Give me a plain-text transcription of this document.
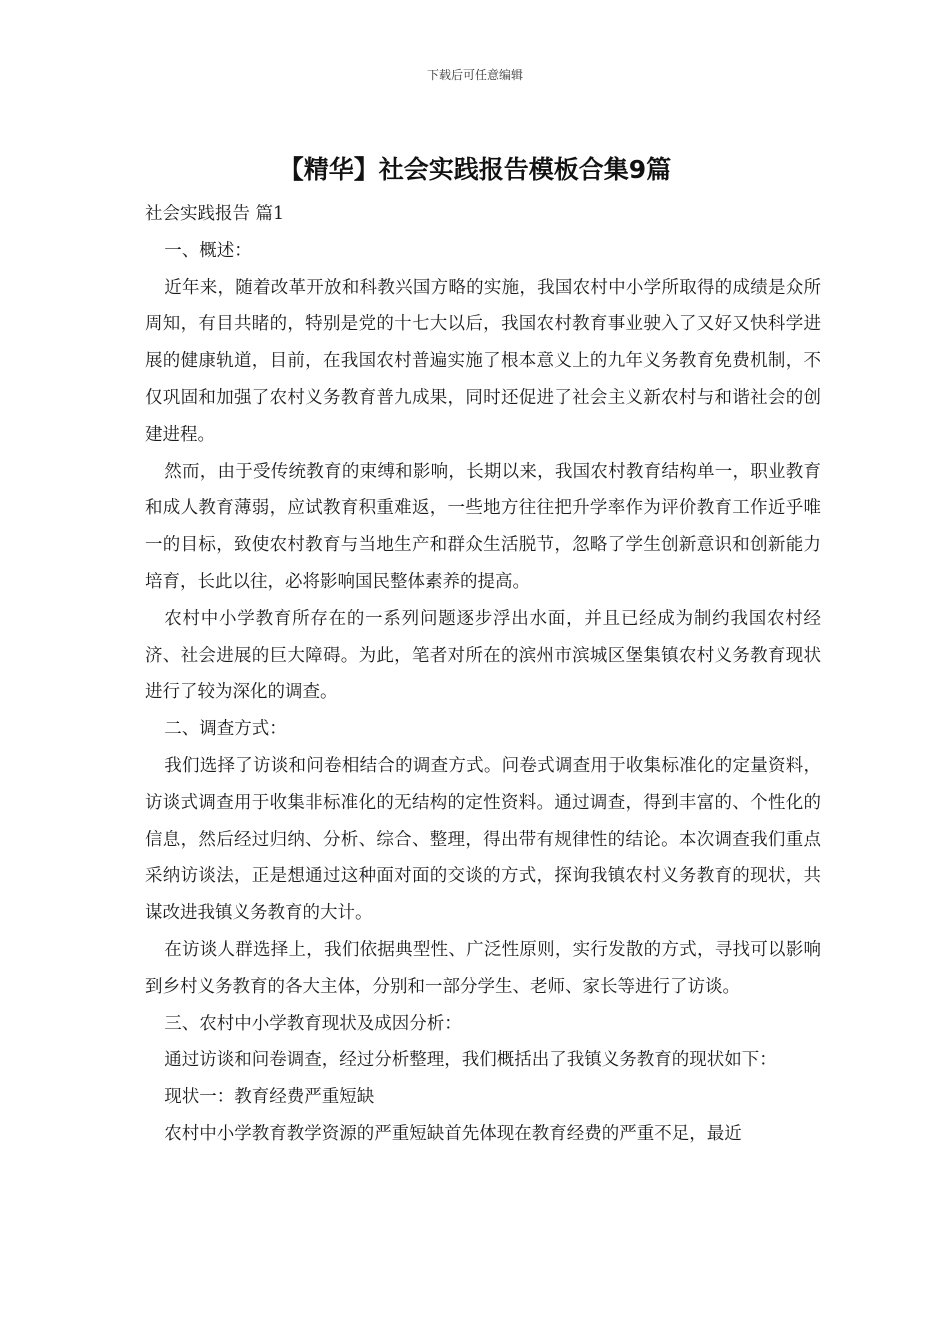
下载后可任意编辑
【精华】社会实践报告模板合集9篇

社会实践报告 篇1

一、概述：

近年来，随着改革开放和科教兴国方略的实施，我国农村中小学所取得的成绩是众所周知，有目共睹的，特别是党的十七大以后，我国农村教育事业驶入了又好又快科学进展的健康轨道，目前，在我国农村普遍实施了根本意义上的九年义务教育免费机制，不仅巩固和加强了农村义务教育普九成果，同时还促进了社会主义新农村与和谐社会的创建进程。

然而，由于受传统教育的束缚和影响，长期以来，我国农村教育结构单一，职业教育和成人教育薄弱，应试教育积重难返，一些地方往往把升学率作为评价教育工作近乎唯一的目标，致使农村教育与当地生产和群众生活脱节，忽略了学生创新意识和创新能力培育，长此以往，必将影响国民整体素养的提高。

农村中小学教育所存在的一系列问题逐步浮出水面，并且已经成为制约我国农村经济、社会进展的巨大障碍。为此，笔者对所在的滨州市滨城区堡集镇农村义务教育现状进行了较为深化的调查。

二、调查方式：

我们选择了访谈和问卷相结合的调查方式。问卷式调查用于收集标准化的定量资料，访谈式调查用于收集非标准化的无结构的定性资料。通过调查，得到丰富的、个性化的信息，然后经过归纳、分析、综合、整理，得出带有规律性的结论。本次调查我们重点采纳访谈法，正是想通过这种面对面的交谈的方式，探询我镇农村义务教育的现状，共谋改进我镇义务教育的大计。

在访谈人群选择上，我们依据典型性、广泛性原则，实行发散的方式，寻找可以影响到乡村义务教育的各大主体，分别和一部分学生、老师、家长等进行了访谈。

三、农村中小学教育现状及成因分析：

通过访谈和问卷调查，经过分析整理，我们概括出了我镇义务教育的现状如下：

现状一：教育经费严重短缺

农村中小学教育教学资源的严重短缺首先体现在教育经费的严重不足，最近
